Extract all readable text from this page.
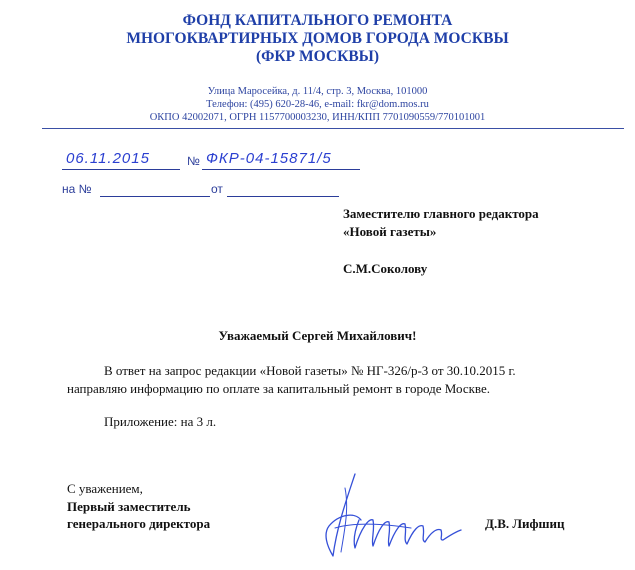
ФОНД КАПИТАЛЬНОГО РЕМОНТА
МНОГОКВАРТИРНЫХ ДОМОВ ГОРОДА МОСКВЫ
(ФКР МОСКВЫ)
Улица Маросейка, д. 11/4, стр. 3, Москва, 101000
Телефон: (495) 620-28-46, e-mail: fkr@dom.mos.ru
ОКПО 42002071, ОГРН 1157700003230, ИНН/КПП 7701090559/770101001
06.11.2015	№ ФКР-04-15871/5
на №	от
Заместителю главного редактора
«Новой газеты»
С.М.Соколову
Уважаемый Сергей Михайлович!
В ответ на запрос редакции «Новой газеты» № НГ-326/р-3 от 30.10.2015 г.
направляю информацию по оплате за капитальный ремонт в городе Москве.
Приложение: на 3 л.
С уважением,
Первый заместитель
генерального директора	Д.В. Лифшиц
